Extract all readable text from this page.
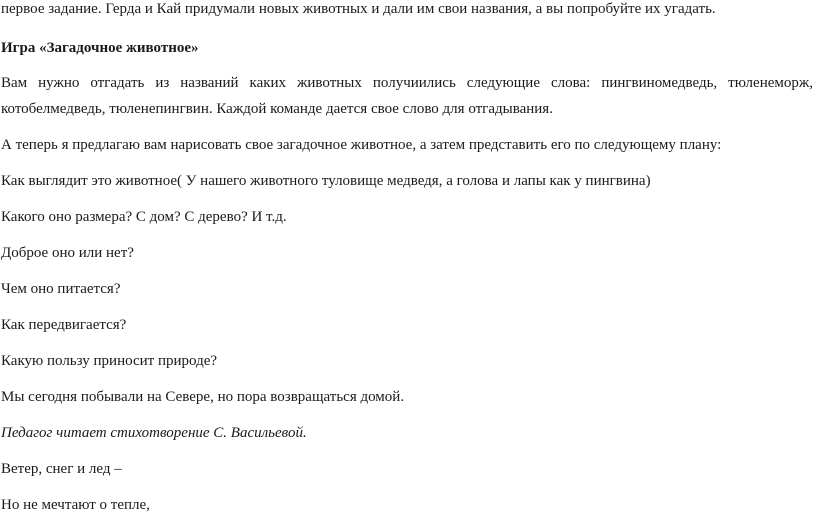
первое задание. Герда и Кай придумали новых животных и дали им свои названия, а вы попробуйте их угадать.
Игра «Загадочное животное»
Вам нужно отгадать из названий каких животных получиились следующие слова: пингвиномедведь, тюленеморж,
котобелмедведь, тюленепингвин. Каждой команде дается свое слово для отгадывания.
А теперь я предлагаю вам нарисовать свое загадочное животное, а затем представить его по следующему плану:
Как выглядит это животное( У нашего животного туловище медведя, а голова и лапы как у пингвина)
Какого оно размера? С дом? С дерево? И т.д.
Доброе оно или нет?
Чем оно питается?
Как передвигается?
Какую пользу приносит природе?
Мы сегодня побывали на Севере, но пора возвращаться домой.
Педагог читает стихотворение С. Васильевой.
Ветер, снег и лед –
Но не мечтают о тепле,
